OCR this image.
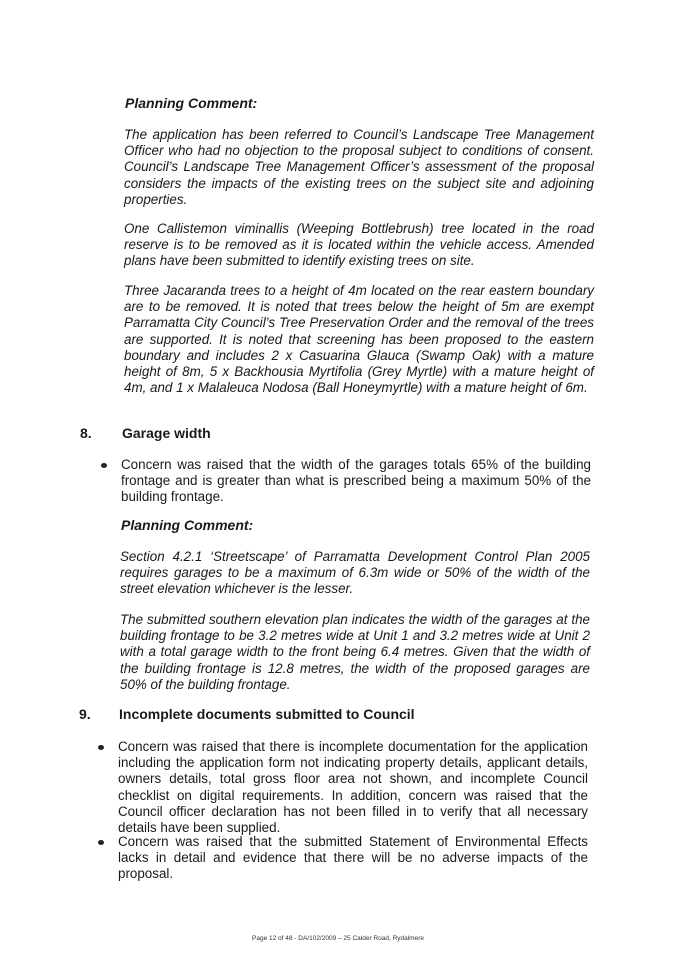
Planning Comment:

The application has been referred to Council’s Landscape Tree Management Officer who had no objection to the proposal subject to conditions of consent. Council’s Landscape Tree Management Officer’s assessment of the proposal considers the impacts of the existing trees on the subject site and adjoining properties.

One Callistemon viminallis (Weeping Bottlebrush) tree located in the road reserve is to be removed as it is located within the vehicle access. Amended plans have been submitted to identify existing trees on site.

Three Jacaranda trees to a height of 4m located on the rear eastern boundary are to be removed. It is noted that trees below the height of 5m are exempt Parramatta City Council’s Tree Preservation Order and the removal of the trees are supported. It is noted that screening has been proposed to the eastern boundary and includes 2 x Casuarina Glauca (Swamp Oak) with a mature height of 8m, 5 x Backhousia Myrtifolia (Grey Myrtle) with a mature height of 4m, and 1 x Malaleuca Nodosa (Ball Honeymyrtle) with a mature height of 6m.

8. Garage width

Concern was raised that the width of the garages totals 65% of the building frontage and is greater than what is prescribed being a maximum 50% of the building frontage.

Planning Comment:

Section 4.2.1 ‘Streetscape’ of Parramatta Development Control Plan 2005 requires garages to be a maximum of 6.3m wide or 50% of the width of the street elevation whichever is the lesser.

The submitted southern elevation plan indicates the width of the garages at the building frontage to be 3.2 metres wide at Unit 1 and 3.2 metres wide at Unit 2 with a total garage width to the front being 6.4 metres. Given that the width of the building frontage is 12.8 metres, the width of the proposed garages are 50% of the building frontage.

9. Incomplete documents submitted to Council

Concern was raised that there is incomplete documentation for the application including the application form not indicating property details, applicant details, owners details, total gross floor area not shown, and incomplete Council checklist on digital requirements. In addition, concern was raised that the Council officer declaration has not been filled in to verify that all necessary details have been supplied.

Concern was raised that the submitted Statement of Environmental Effects lacks in detail and evidence that there will be no adverse impacts of the proposal.

Page 12 of 48 - DA/102/2009 – 25 Calder Road, Rydalmere
